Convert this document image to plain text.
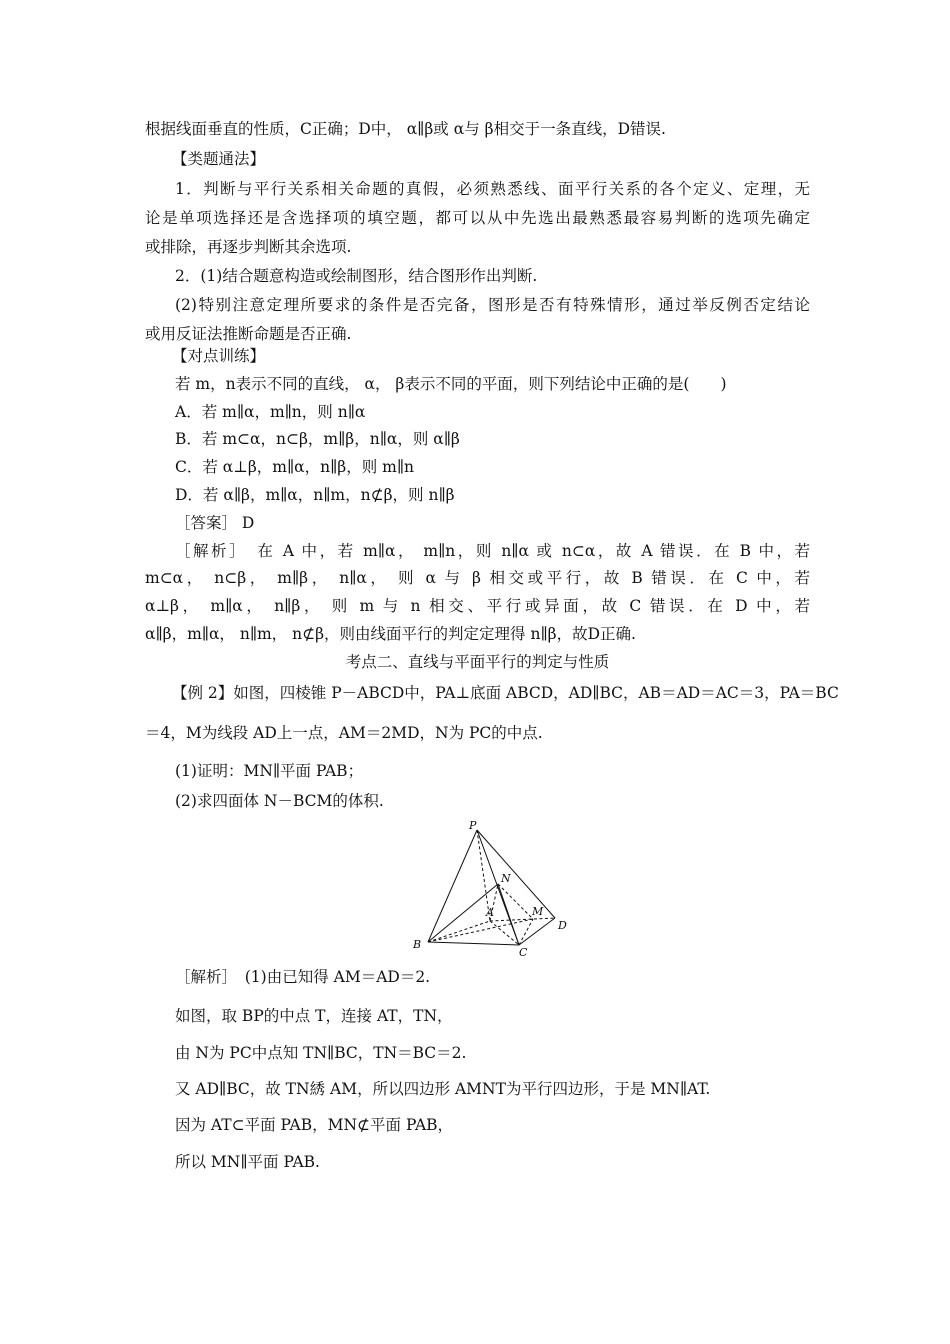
根据线面垂直的性质，C正确；D中， α∥β或 α与 β相交于一条直线，D错误.
【类题通法】
1．判断与平行关系相关命题的真假，必须熟悉线、面平行关系的各个定义、定理，无
论是单项选择还是含选择项的填空题，都可以从中先选出最熟悉最容易判断的选项先确定
或排除，再逐步判断其余选项.
2．(1)结合题意构造或绘制图形，结合图形作出判断.
(2)特别注意定理所要求的条件是否完备，图形是否有特殊情形，通过举反例否定结论
或用反证法推断命题是否正确.
【对点训练】
若 m，n表示不同的直线， α， β表示不同的平面，则下列结论中正确的是(　　)
A．若 m∥α，m∥n，则 n∥α
B．若 m⊂α，n⊂β，m∥β，n∥α，则 α∥β
C．若 α⊥β，m∥α，n∥β，则 m∥n
D．若 α∥β，m∥α，n∥m，n⊄β，则 n∥β
［答案］ D
［解析］　在 A 中，若 m∥α， m∥n，则 n∥α 或 n⊂α，故 A 错误．在 B 中，若
m⊂α， n⊂β， m∥β， n∥α， 则 α 与 β 相交或平行，故 B 错误．在 C 中，若
α⊥β， m∥α， n∥β， 则 m 与 n 相交、平行或异面，故 C 错误．在 D 中，若
α∥β，m∥α， n∥m， n⊄β，则由线面平行的判定定理得 n∥β，故D正确.
考点二、直线与平面平行的判定与性质
【例 2】如图，四棱锥 P－ABCD中，PA⊥底面 ABCD，AD∥BC，AB＝AD＝AC＝3，PA＝BC
＝4，M为线段 AD上一点，AM＝2MD，N为 PC的中点.
(1)证明：MN∥平面 PAB；
(2)求四面体 N－BCM的体积.
P
N
A	M
D
B
C
［解析］　(1)由已知得 AM＝AD＝2.
如图，取 BP的中点 T，连接 AT，TN，
由 N为 PC中点知 TN∥BC，TN＝BC＝2.
又 AD∥BC，故 TN綉 AM，所以四边形 AMNT为平行四边形，于是 MN∥AT.
因为 AT⊂平面 PAB，MN⊄平面 PAB，
所以 MN∥平面 PAB.
